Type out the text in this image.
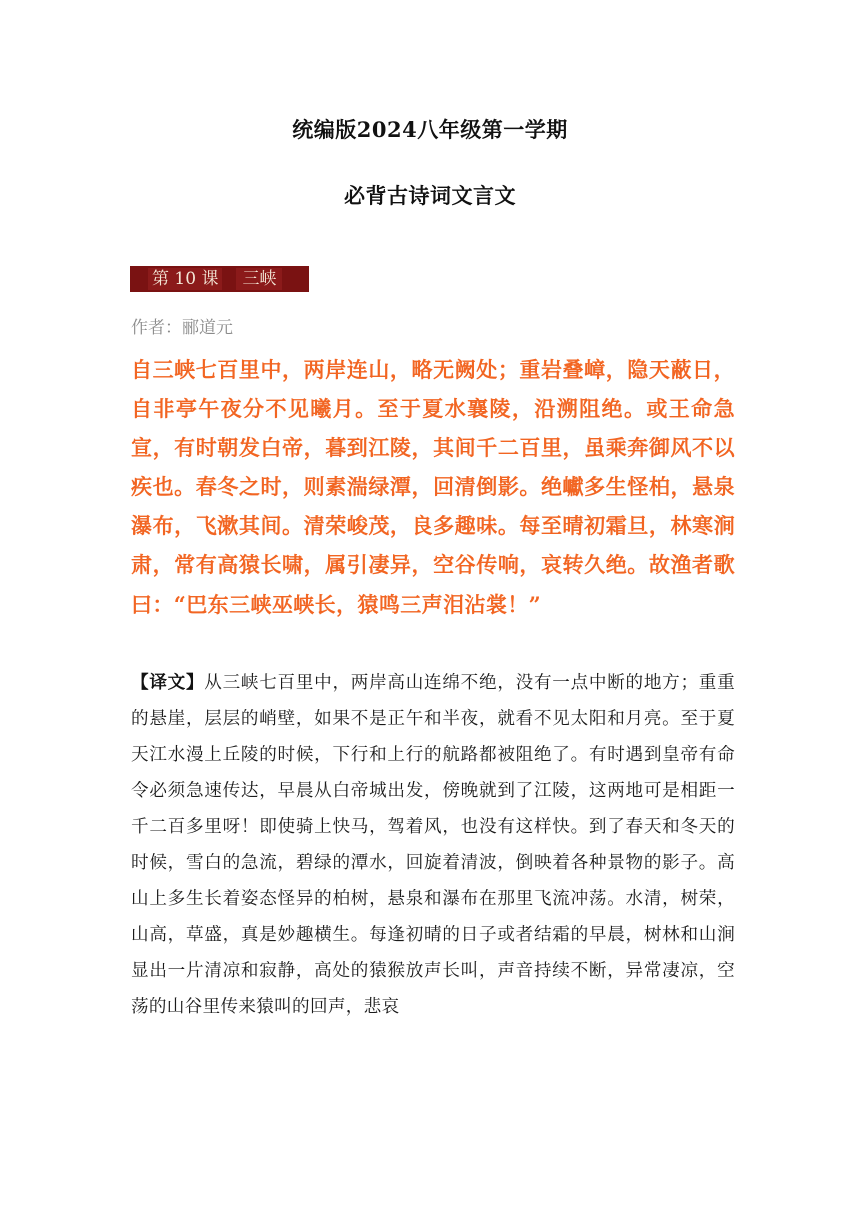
统编版2024八年级第一学期
必背古诗词文言文
第 10 课	三峡
作者：郦道元
自三峡七百里中，两岸连山，略无阙处；重岩叠嶂，隐天蔽日，自非亭午夜分不见曦月。至于夏水襄陵，沿溯阻绝。或王命急宣，有时朝发白帝，暮到江陵，其间千二百里，虽乘奔御风不以疾也。春冬之时，则素湍绿潭，回清倒影。绝巘多生怪柏，悬泉瀑布，飞漱其间。清荣峻茂，良多趣味。每至晴初霜旦，林寒涧肃，常有高猿长啸，属引凄异，空谷传响，哀转久绝。故渔者歌曰：“巴东三峡巫峡长，猿鸣三声泪沾裳！”
【译文】从三峡七百里中，两岸高山连绵不绝，没有一点中断的地方；重重的悬崖，层层的峭壁，如果不是正午和半夜，就看不见太阳和月亮。至于夏天江水漫上丘陵的时候，下行和上行的航路都被阻绝了。有时遇到皇帝有命令必须急速传达，早晨从白帝城出发，傍晚就到了江陵，这两地可是相距一千二百多里呀！即使骑上快马，驾着风，也没有这样快。到了春天和冬天的时候，雪白的急流，碧绿的潭水，回旋着清波，倒映着各种景物的影子。高山上多生长着姿态怪异的柏树，悬泉和瀑布在那里飞流冲荡。水清，树荣，山高，草盛，真是妙趣横生。每逢初晴的日子或者结霜的早晨，树林和山涧显出一片清凉和寂静，高处的猿猴放声长叫，声音持续不断，异常凄凉，空荡的山谷里传来猿叫的回声，悲哀
